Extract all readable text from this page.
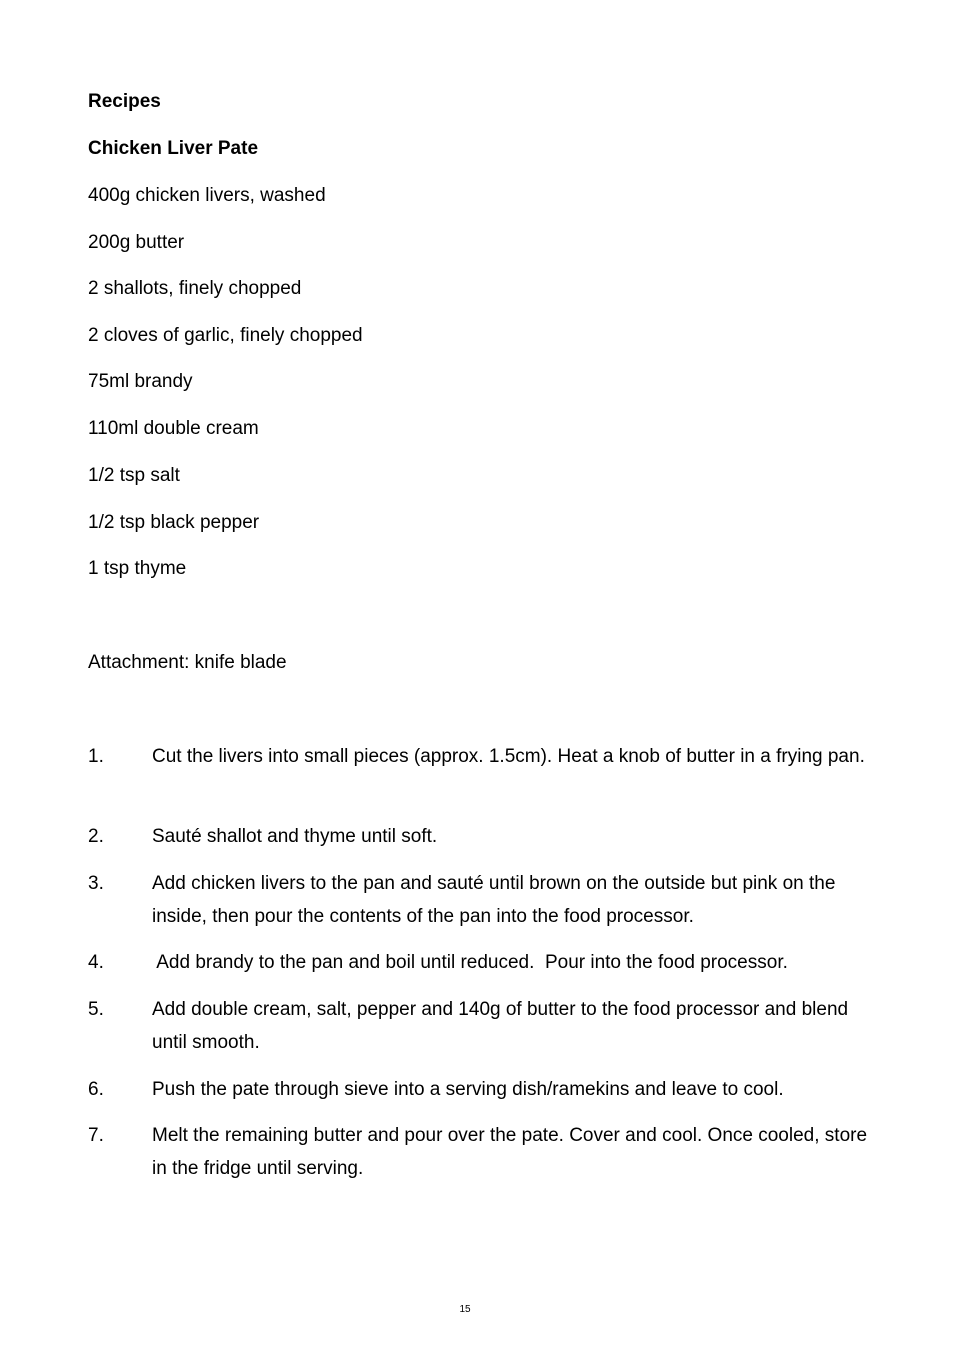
Recipes
Chicken Liver Pate
400g chicken livers, washed
200g butter
2 shallots, finely chopped
2 cloves of garlic, finely chopped
75ml brandy
110ml double cream
1/2 tsp salt
1/2 tsp black pepper
1 tsp thyme
Attachment: knife blade
1.	Cut the livers into small pieces (approx. 1.5cm). Heat a knob of butter in a frying pan.
2.	Sauté shallot and thyme until soft.
3.	Add chicken livers to the pan and sauté until brown on the outside but pink on the inside, then pour the contents of the pan into the food processor.
4.	Add brandy to the pan and boil until reduced.  Pour into the food processor.
5.	Add double cream, salt, pepper and 140g of butter to the food processor and blend until smooth.
6.	Push the pate through sieve into a serving dish/ramekins and leave to cool.
7.	Melt the remaining butter and pour over the pate. Cover and cool. Once cooled, store in the fridge until serving.
15
